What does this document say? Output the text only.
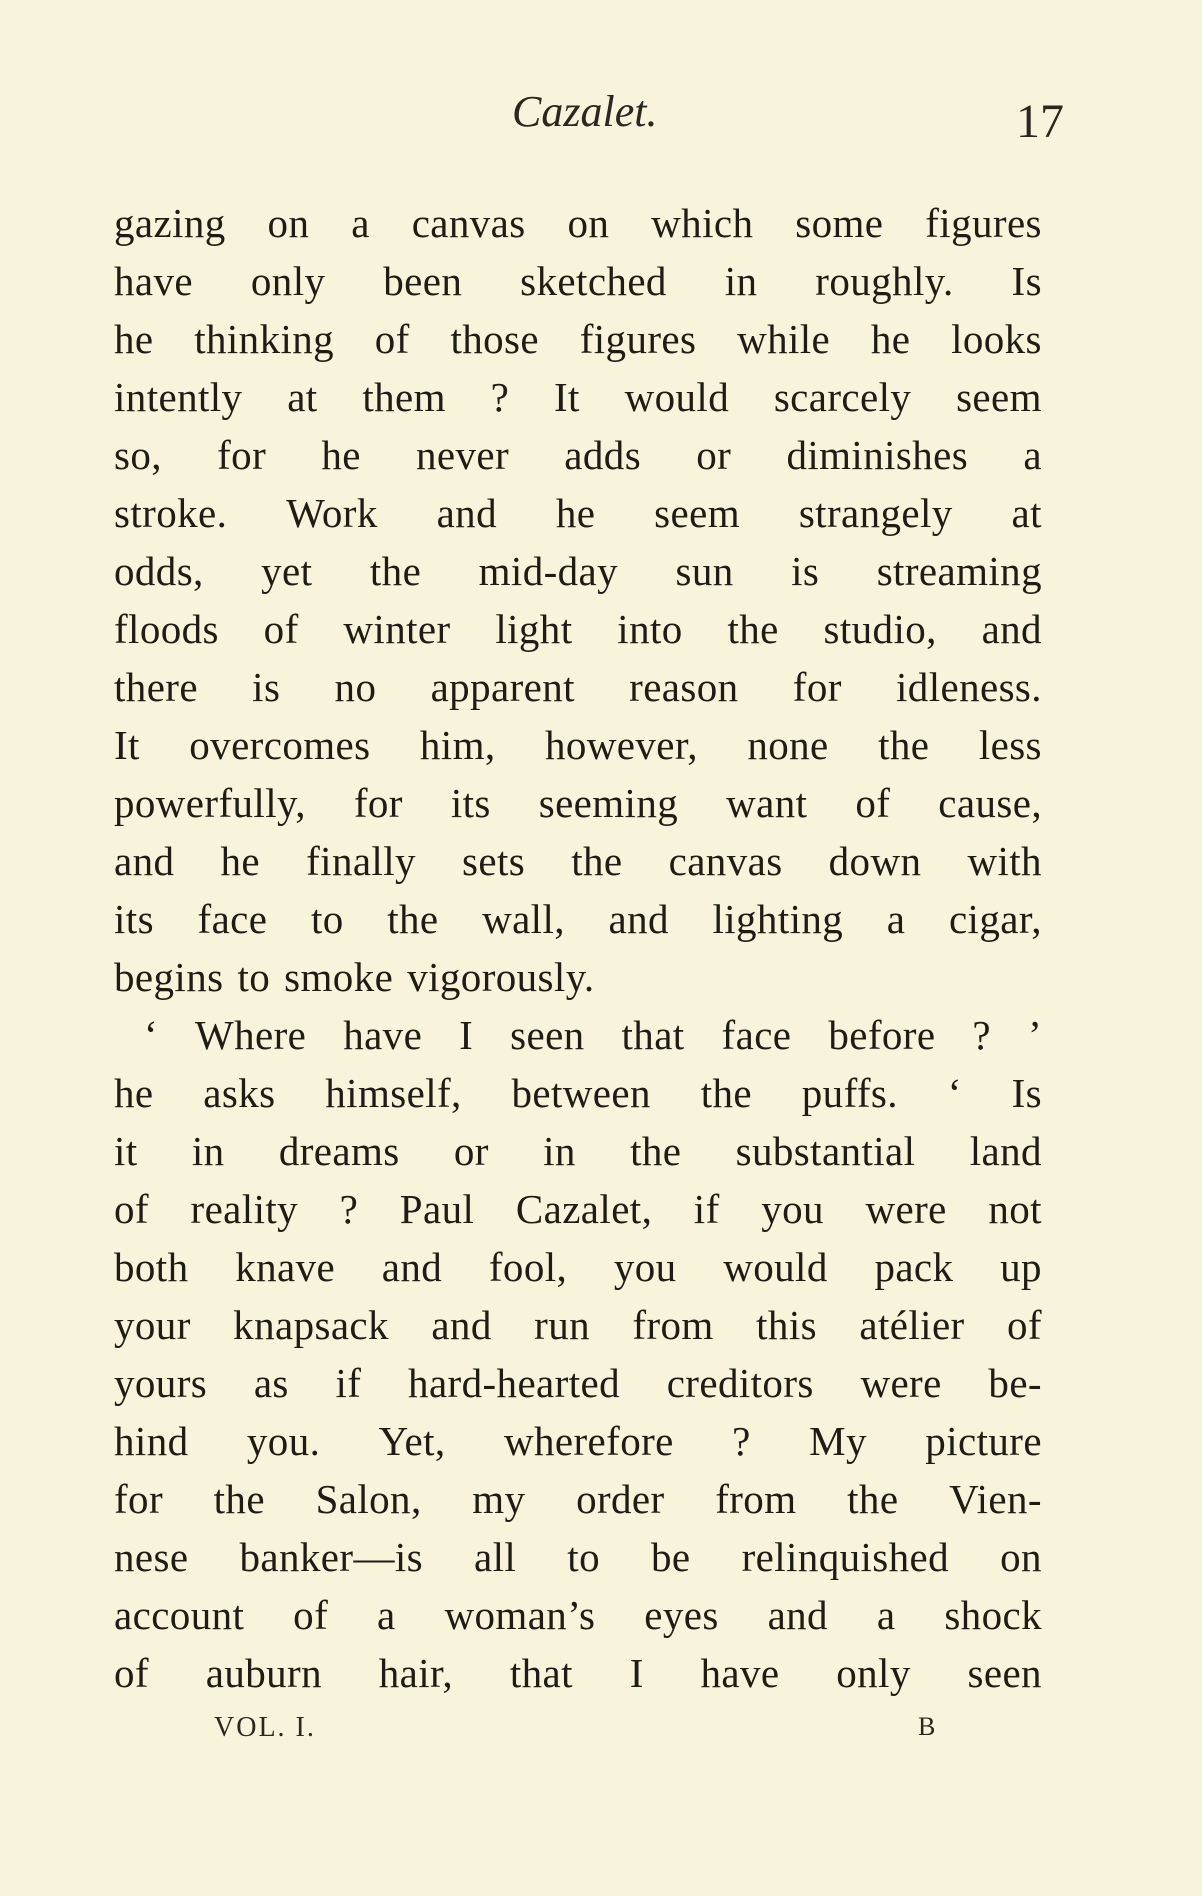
Cazalet.	17
gazing on a canvas on which some figures
have only been sketched in roughly. Is
he thinking of those figures while he looks
intently at them ? It would scarcely seem
so, for he never adds or diminishes a
stroke. Work and he seem strangely at
odds, yet the mid-day sun is streaming
floods of winter light into the studio, and
there is no apparent reason for idleness.
It overcomes him, however, none the less
powerfully, for its seeming want of cause,
and he finally sets the canvas down with
its face to the wall, and lighting a cigar,
begins to smoke vigorously.
‘ Where have I seen that face before ? ’
he asks himself, between the puffs. ‘ Is
it in dreams or in the substantial land
of reality ? Paul Cazalet, if you were not
both knave and fool, you would pack up
your knapsack and run from this atélier of
yours as if hard-hearted creditors were be-
hind you. Yet, wherefore ? My picture
for the Salon, my order from the Vien-
nese banker—is all to be relinquished on
account of a woman’s eyes and a shock
of auburn hair, that I have only seen
VOL. I.	B
